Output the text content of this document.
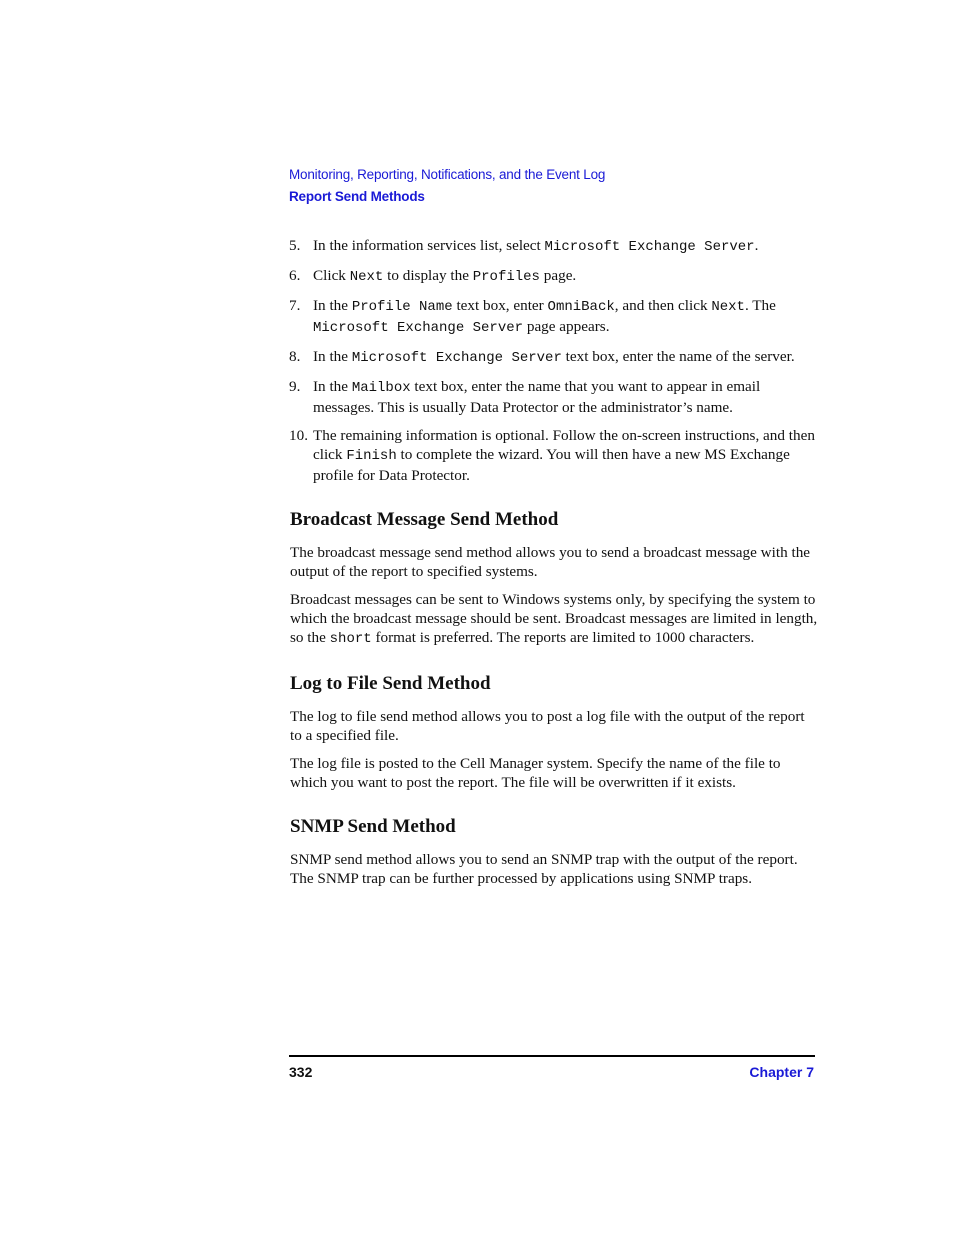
Monitoring, Reporting, Notifications, and the Event Log
Report Send Methods
5. In the information services list, select Microsoft Exchange Server.
6. Click Next to display the Profiles page.
7. In the Profile Name text box, enter OmniBack, and then click Next. The Microsoft Exchange Server page appears.
8. In the Microsoft Exchange Server text box, enter the name of the server.
9. In the Mailbox text box, enter the name that you want to appear in email messages. This is usually Data Protector or the administrator’s name.
10. The remaining information is optional. Follow the on-screen instructions, and then click Finish to complete the wizard. You will then have a new MS Exchange profile for Data Protector.
Broadcast Message Send Method

The broadcast message send method allows you to send a broadcast message with the output of the report to specified systems.

Broadcast messages can be sent to Windows systems only, by specifying the system to which the broadcast message should be sent. Broadcast messages are limited in length, so the short format is preferred. The reports are limited to 1000 characters.

Log to File Send Method

The log to file send method allows you to post a log file with the output of the report to a specified file.

The log file is posted to the Cell Manager system. Specify the name of the file to which you want to post the report. The file will be overwritten if it exists.

SNMP Send Method

SNMP send method allows you to send an SNMP trap with the output of the report. The SNMP trap can be further processed by applications using SNMP traps.

332	Chapter 7
